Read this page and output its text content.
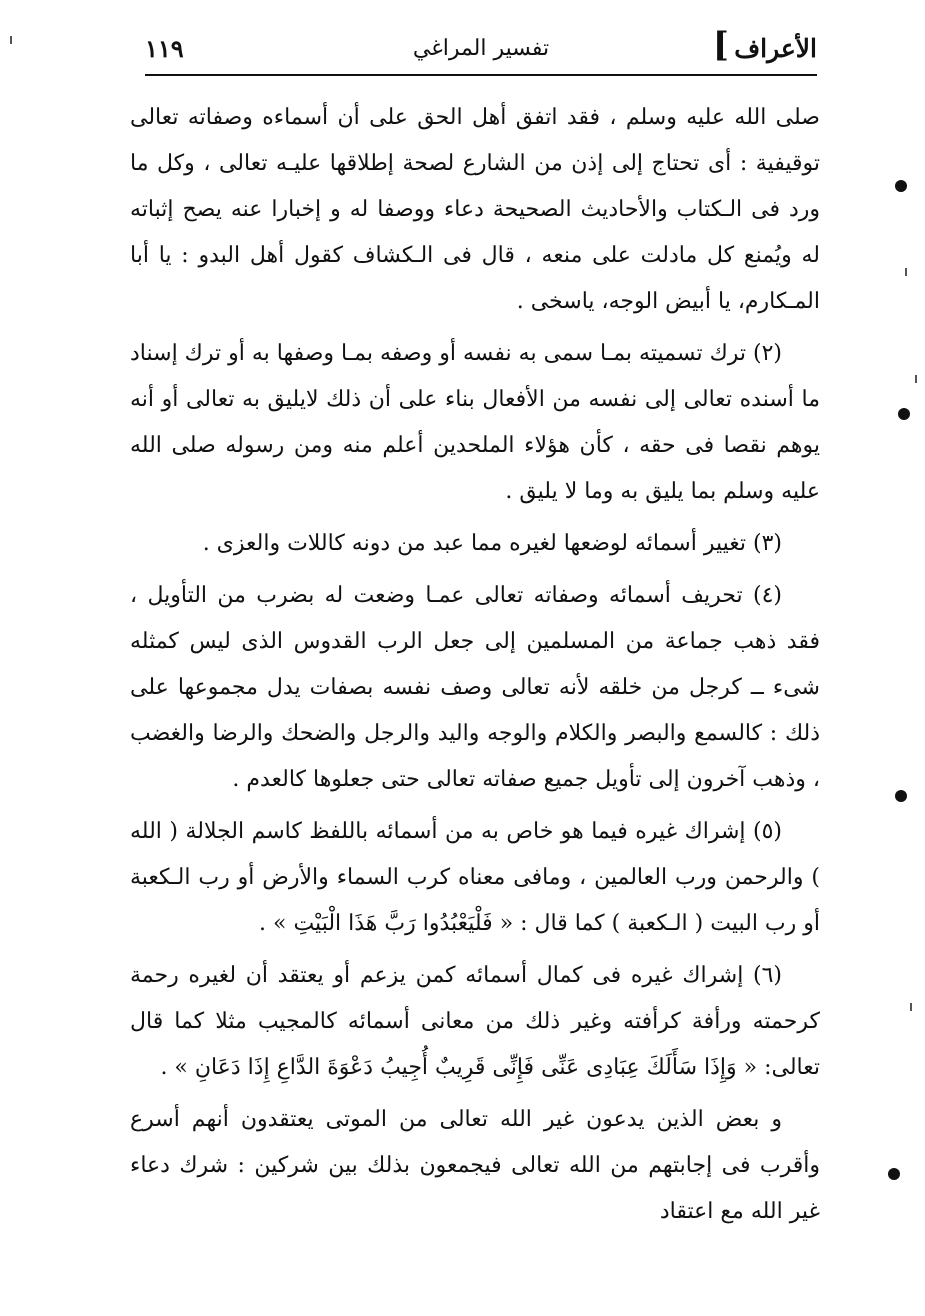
الأعراف
]
تفسير المراغي
١١٩

صلى الله عليه وسلم ، فقد اتفق أهل الحق على أن أسماءه وصفاته تعالى توقيفية : أى تحتاج إلى إذن من الشارع لصحة إطلاقها عليـه تعالى ، وكل ما ورد فى الـكتاب والأحاديث الصحيحة دعاء ووصفا له و إخبارا عنه يصح إثباته له ويُمنع كل مادلت على منعه ، قال فى الـكشاف كقول أهل البدو : يا أبا المـكارم، يا أبيض الوجه، ياسخى .

(٢) ترك تسميته بمـا سمى به نفسه أو وصفه بمـا وصفها به أو ترك إسناد ما أسنده تعالى إلى نفسه من الأفعال بناء على أن ذلك لايليق به تعالى أو أنه يوهم نقصا فى حقه ، كأن هؤلاء الملحدين أعلم منه ومن رسوله صلى الله عليه وسلم بما يليق به وما لا يليق .

(٣) تغيير أسمائه لوضعها لغيره مما عبد من دونه كاللات والعزى .

(٤) تحريف أسمائه وصفاته تعالى عمـا وضعت له بضرب من التأويل ، فقد ذهب جماعة من المسلمين إلى جعل الرب القدوس الذى ليس كمثله شىء ــ كرجل من خلقه لأنه تعالى وصف نفسه بصفات يدل مجموعها على ذلك : كالسمع والبصر والكلام والوجه واليد والرجل والضحك والرضا والغضب ، وذهب آخرون إلى تأويل جميع صفاته تعالى حتى جعلوها كالعدم .

(٥) إشراك غيره فيما هو خاص به من أسمائه باللفظ كاسم الجلالة ( الله ) والرحمن ورب العالمين ، ومافى معناه كرب السماء والأرض أو رب الـكعبة أو رب البيت ( الـكعبة ) كما قال : « فَلْيَعْبُدُوا رَبَّ هَذَا الْبَيْتِ » .

(٦) إشراك غيره فى كمال أسمائه كمن يزعم أو يعتقد أن لغيره رحمة كرحمته ورأفة كرأفته وغير ذلك من معانى أسمائه كالمجيب مثلا كما قال تعالى: « وَإِذَا سَأَلَكَ عِبَادِى عَنِّى فَإِنِّى قَرِيبٌ أُجِيبُ دَعْوَةَ الدَّاعِ إِذَا دَعَانِ » .

و بعض الذين يدعون غير الله تعالى من الموتى يعتقدون أنهم أسرع وأقرب فى إجابتهم من الله تعالى فيجمعون بذلك بين شركين : شرك دعاء غير الله مع اعتقاد
